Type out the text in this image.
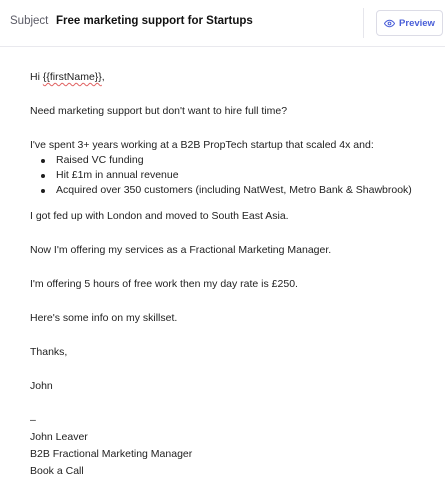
Subject Free marketing support for Startups	Preview
Hi {{firstName}},
Need marketing support but don't want to hire full time?
I've spent 3+ years working at a B2B PropTech startup that scaled 4x and:
Raised VC funding
Hit £1m in annual revenue
Acquired over 350 customers (including NatWest, Metro Bank & Shawbrook)
I got fed up with London and moved to South East Asia.
Now I'm offering my services as a Fractional Marketing Manager.
I'm offering 5 hours of free work then my day rate is £250.
Here's some info on my skillset.
Thanks,
John
–
John Leaver
B2B Fractional Marketing Manager
Book a Call
